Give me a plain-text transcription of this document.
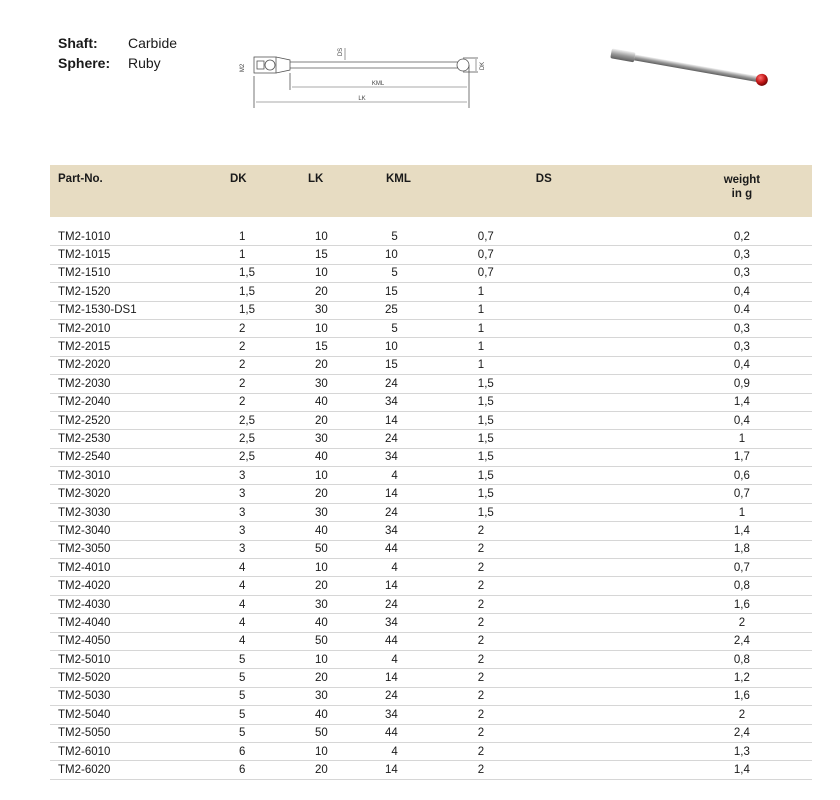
Shaft:	Carbide
Sphere:	Ruby	M2
DS
DK
KML
LK
Part-No.	DK	LK	KML	DS	weight
in g

TM2-1010	1	10	5	0,7	0,2
TM2-1015	1	15	10	0,7	0,3
TM2-1510	1,5	10	5	0,7	0,3
TM2-1520	1,5	20	15	1	0,4
TM2-1530-DS1	1,5	30	25	1	0.4
TM2-2010	2	10	5	1	0,3
TM2-2015	2	15	10	1	0,3
TM2-2020	2	20	15	1	0,4
TM2-2030	2	30	24	1,5	0,9
TM2-2040	2	40	34	1,5	1,4
TM2-2520	2,5	20	14	1,5	0,4
TM2-2530	2,5	30	24	1,5	1
TM2-2540	2,5	40	34	1,5	1,7
TM2-3010	3	10	4	1,5	0,6
TM2-3020	3	20	14	1,5	0,7
TM2-3030	3	30	24	1,5	1
TM2-3040	3	40	34	2	1,4
TM2-3050	3	50	44	2	1,8
TM2-4010	4	10	4	2	0,7
TM2-4020	4	20	14	2	0,8
TM2-4030	4	30	24	2	1,6
TM2-4040	4	40	34	2	2
TM2-4050	4	50	44	2	2,4
TM2-5010	5	10	4	2	0,8
TM2-5020	5	20	14	2	1,2
TM2-5030	5	30	24	2	1,6
TM2-5040	5	40	34	2	2
TM2-5050	5	50	44	2	2,4
TM2-6010	6	10	4	2	1,3
TM2-6020	6	20	14	2	1,4
